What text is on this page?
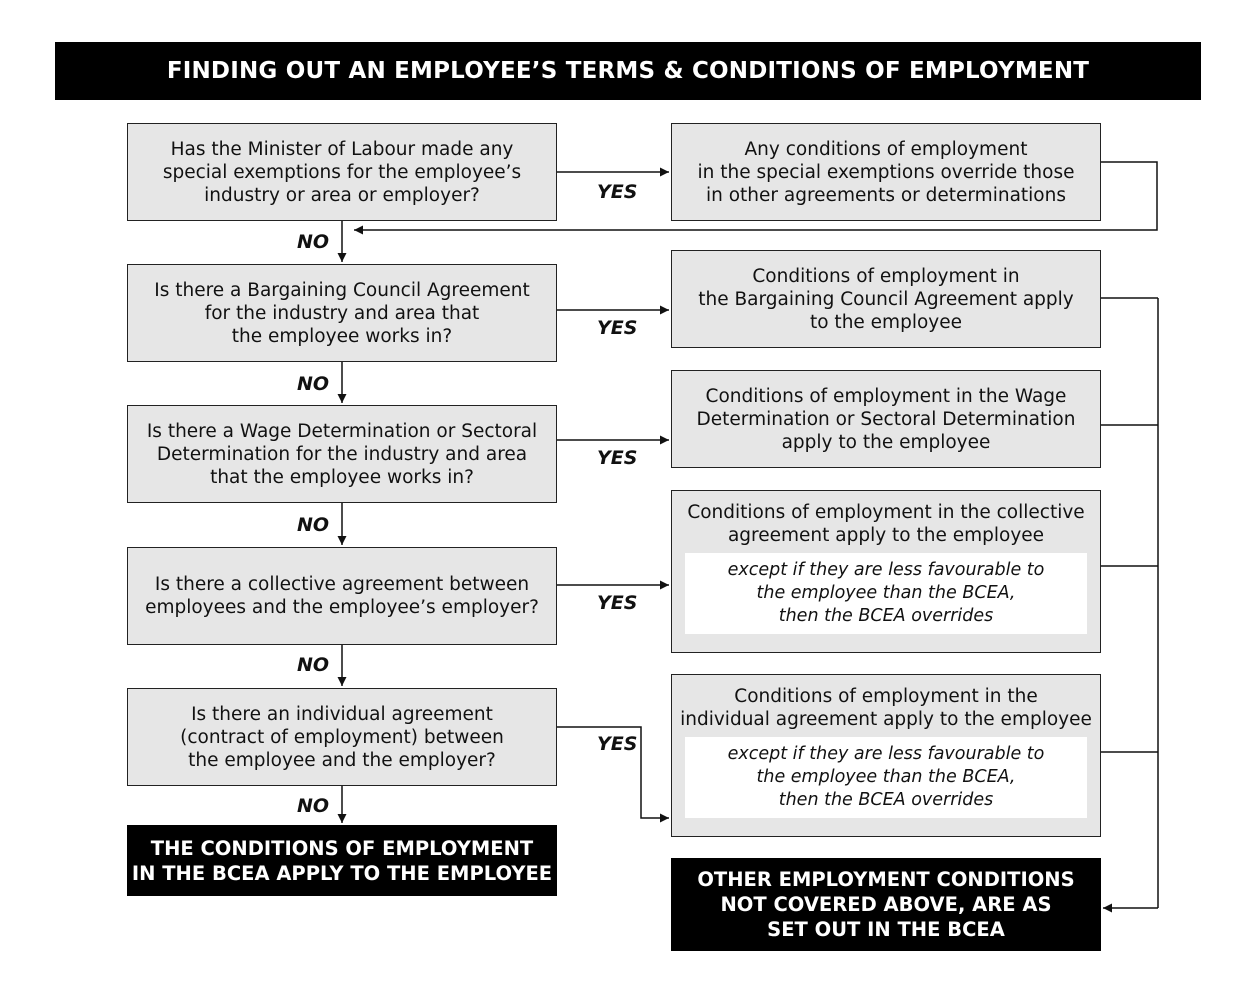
FINDING OUT AN EMPLOYEE’S TERMS & CONDITIONS OF EMPLOYMENT
Has the Minister of Labour made any
special exemptions for the employee’s
industry or area or employer?
Is there a Bargaining Council Agreement
for the industry and area that
the employee works in?
Is there a Wage Determination or Sectoral
Determination for the industry and area
that the employee works in?
Is there a collective agreement between
employees and the employee’s employer?
Is there an individual agreement
(contract of employment) between
the employee and the employer?
Any conditions of employment
in the special exemptions override those
in other agreements or determinations
Conditions of employment in
the Bargaining Council Agreement apply
to the employee
Conditions of employment in the Wage
Determination or Sectoral Determination
apply to the employee
Conditions of employment in the collective
agreement apply to the employee
except if they are less favourable to
the employee than the BCEA,
then the BCEA overrides
Conditions of employment in the
individual agreement apply to the employee
except if they are less favourable to
the employee than the BCEA,
then the BCEA overrides
THE CONDITIONS OF EMPLOYMENT
IN THE BCEA APPLY TO THE EMPLOYEE	OTHER EMPLOYMENT CONDITIONS
NOT COVERED ABOVE, ARE AS
SET OUT IN THE BCEA
YES
YES
YES
YES
YES
NO
NO
NO
NO
NO
